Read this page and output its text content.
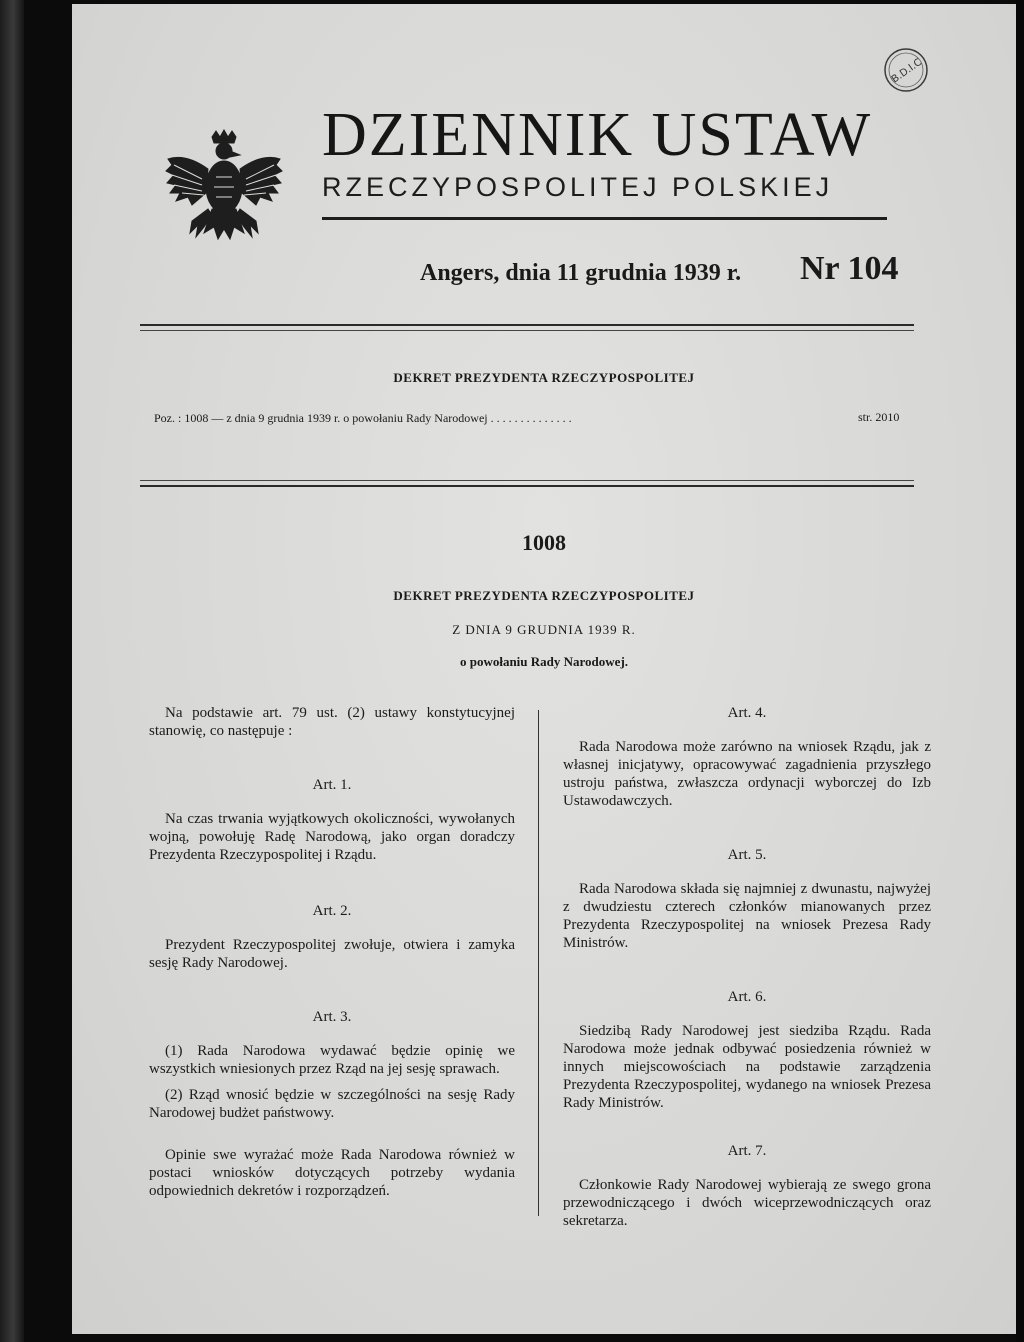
B.D.I.C
DZIENNIK USTAW
RZECZYPOSPOLITEJ POLSKIEJ
Angers, dnia 11 grudnia 1939 r. Nr 104
DEKRET PREZYDENTA RZECZYPOSPOLITEJ
Poz. : 1008 — z dnia 9 grudnia 1939 r. o powołaniu Rady Narodowej . . . . . . . . . . . . . .	str. 2010
1008
DEKRET PREZYDENTA RZECZYPOSPOLITEJ
Z DNIA 9 GRUDNIA 1939 R.
o powołaniu Rady Narodowej.

Na podstawie art. 79 ust. (2) ustawy konstytucyjnej stanowię, co następuje :

Art. 1.

Na czas trwania wyjątkowych okoliczności, wywołanych wojną, powołuję Radę Narodową, jako organ doradczy Prezydenta Rzeczypospolitej i Rządu.

Art. 2.

Prezydent Rzeczypospolitej zwołuje, otwiera i zamyka sesję Rady Narodowej.

Art. 3.

(1) Rada Narodowa wydawać będzie opinię we wszystkich wniesionych przez Rząd na jej sesję sprawach.

(2) Rząd wnosić będzie w szczególności na sesję Rady Narodowej budżet państwowy.

Opinie swe wyrażać może Rada Narodowa również w postaci wniosków dotyczących potrzeby wydania odpowiednich dekretów i rozporządzeń.

Art. 4.

Rada Narodowa może zarówno na wniosek Rządu, jak z własnej inicjatywy, opracowywać zagadnienia przyszłego ustroju państwa, zwłaszcza ordynacji wyborczej do Izb Ustawodawczych.

Art. 5.

Rada Narodowa składa się najmniej z dwunastu, najwyżej z dwudziestu czterech członków mianowanych przez Prezydenta Rzeczypospolitej na wniosek Prezesa Rady Ministrów.

Art. 6.

Siedzibą Rady Narodowej jest siedziba Rządu. Rada Narodowa może jednak odbywać posiedzenia również w innych miejscowościach na podstawie zarządzenia Prezydenta Rzeczypospolitej, wydanego na wniosek Prezesa Rady Ministrów.

Art. 7.

Członkowie Rady Narodowej wybierają ze swego grona przewodniczącego i dwóch wiceprzewodniczących oraz sekretarza.
